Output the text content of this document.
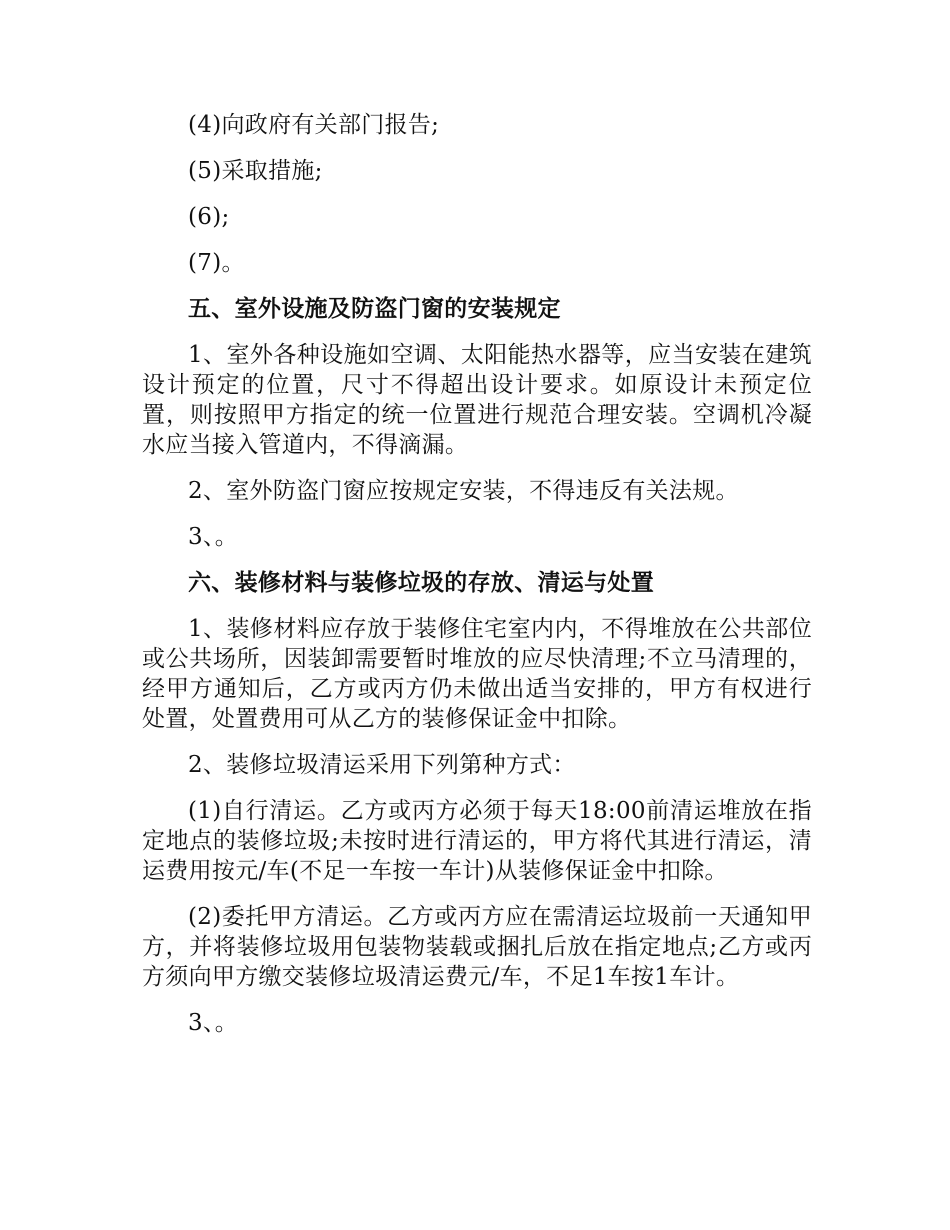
(4)向政府有关部门报告;

(5)采取措施;

(6);

(7)。

五、室外设施及防盗门窗的安装规定

1、室外各种设施如空调、太阳能热水器等，应当安装在建筑设计预定的位置，尺寸不得超出设计要求。如原设计未预定位置，则按照甲方指定的统一位置进行规范合理安装。空调机冷凝水应当接入管道内，不得滴漏。

2、室外防盗门窗应按规定安装，不得违反有关法规。

3、。

六、装修材料与装修垃圾的存放、清运与处置

1、装修材料应存放于装修住宅室内内，不得堆放在公共部位或公共场所，因装卸需要暂时堆放的应尽快清理;不立马清理的，经甲方通知后，乙方或丙方仍未做出适当安排的，甲方有权进行处置，处置费用可从乙方的装修保证金中扣除。

2、装修垃圾清运采用下列第种方式：

(1)自行清运。乙方或丙方必须于每天18:00前清运堆放在指定地点的装修垃圾;未按时进行清运的，甲方将代其进行清运，清运费用按元/车(不足一车按一车计)从装修保证金中扣除。

(2)委托甲方清运。乙方或丙方应在需清运垃圾前一天通知甲方，并将装修垃圾用包装物装载或捆扎后放在指定地点;乙方或丙方须向甲方缴交装修垃圾清运费元/车，不足1车按1车计。

3、。
